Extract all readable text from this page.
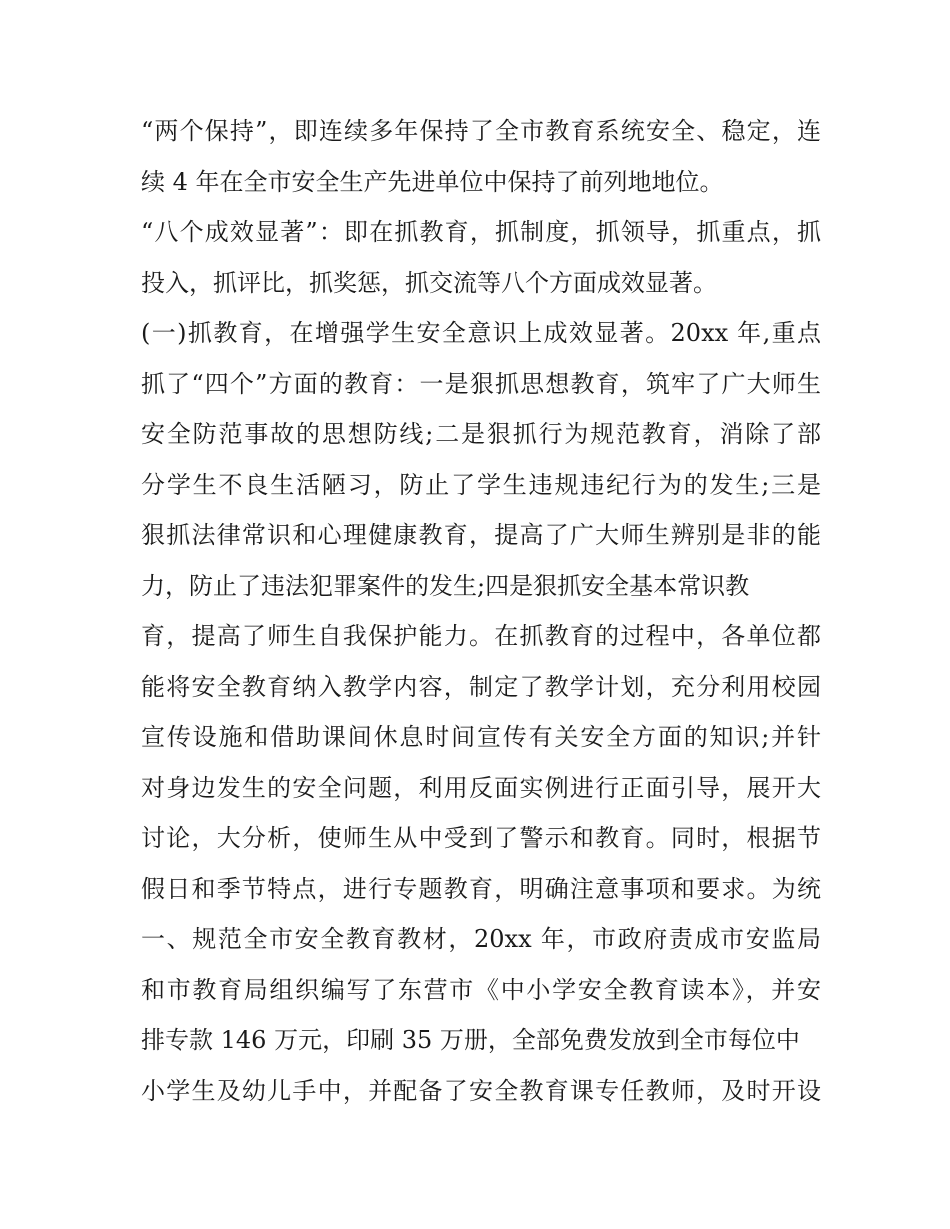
“两个保持”，即连续多年保持了全市教育系统安全、稳定，连
续 4 年在全市安全生产先进单位中保持了前列地地位。
“八个成效显著”：即在抓教育，抓制度，抓领导，抓重点，抓
投入，抓评比，抓奖惩，抓交流等八个方面成效显著。
(一)抓教育，在增强学生安全意识上成效显著。20xx 年,重点
抓了“四个”方面的教育：一是狠抓思想教育，筑牢了广大师生
安全防范事故的思想防线;二是狠抓行为规范教育，消除了部
分学生不良生活陋习，防止了学生违规违纪行为的发生;三是
狠抓法律常识和心理健康教育，提高了广大师生辨别是非的能
力，防止了违法犯罪案件的发生;四是狠抓安全基本常识教
育，提高了师生自我保护能力。在抓教育的过程中，各单位都
能将安全教育纳入教学内容，制定了教学计划，充分利用校园
宣传设施和借助课间休息时间宣传有关安全方面的知识;并针
对身边发生的安全问题，利用反面实例进行正面引导，展开大
讨论，大分析，使师生从中受到了警示和教育。同时，根据节
假日和季节特点，进行专题教育，明确注意事项和要求。为统
一、规范全市安全教育教材，20xx 年，市政府责成市安监局
和市教育局组织编写了东营市《中小学安全教育读本》，并安
排专款 146 万元，印刷 35 万册，全部免费发放到全市每位中
小学生及幼儿手中，并配备了安全教育课专任教师，及时开设
